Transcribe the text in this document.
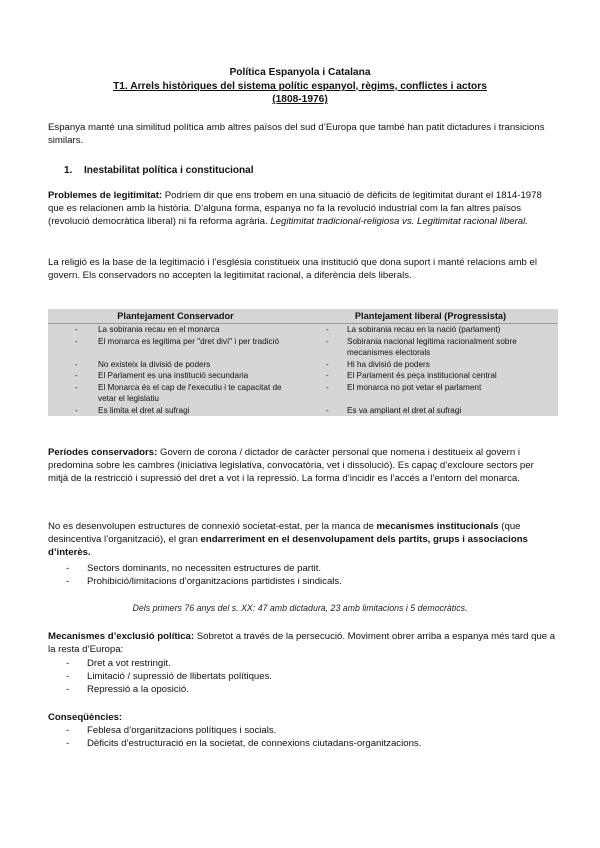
Política Espanyola i Catalana
T1. Arrels històriques del sistema polític espanyol, règims, conflictes i actors
(1808-1976)

Espanya manté una similitud política amb altres països del sud d’Europa que també han patit dictadures i transicions similars.

1. Inestabilitat política i constitucional

Problemes de legitimitat: Podríem dir que ens trobem en una situació de dèficits de legitimitat durant el 1814-1978 que es relacionen amb la història. D’alguna forma, espanya no fa la revolució industrial com la fan altres països (revolució democràtica liberal) ni fa reforma agrària. Legitimitat tradicional-religiosa vs. Legitimitat racional liberal.

La religió es la base de la legitimació i l’església constitueix una institució que dona suport i manté relacions amb el govern. Els conservadors no accepten la legitimitat racional, a diferència dels liberals.

Plantejament Conservador	Plantejament liberal (Progressista)

- La sobirania recau en el monarca	- La sobirania recau en la nació (parlament)

- El monarca es legitima per "dret diví" i per tradició	- Sobirania nacional legitima racionalment sobre mecanismes electorals

- No existeix la divisió de poders	- Hi ha divisió de poders

- El Parlament es una institució secundaria	- El Parlament és peça institucional central

- El Monarca és el cap de l'executiu i te capacitat de vetar el legislatiu	- El monarca no pot vetar el parlament

- Es limita el dret al sufragi	- Es va ampliant el dret al sufragi

Períodes conservadors: Govern de corona / dictador de caràcter personal que nomena i destitueix al govern i predomina sobre les cambres (iniciativa legislativa, convocatòria, vet i dissolució). Es capaç d’excloure sectors per mitjà de la restricció i supressió del dret a vot i la repressió. La forma d’incidir es l’accés a l’entorn del monarca.

No es desenvolupen estructures de connexió societat-estat, per la manca de mecanismes institucionals (que desincentiva l’organització), el gran endarreriment en el desenvolupament dels partits, grups i associacions d’interès.

- Sectors dominants, no necessiten estructures de partit.
- Prohibició/limitacions d’organitzacions partidistes i sindicals.
Dels primers 76 anys del s. XX: 47 amb dictadura, 23 amb limitacions i 5 democràtics.

Mecanismes d’exclusió política: Sobretot a través de la persecució. Moviment obrer arriba a espanya més tard que a la resta d’Europa:

- Dret a vot restringit.
- Limitació / supressió de llibertats polítiques.
- Repressió a la oposició.

Conseqüències:

- Feblesa d’organitzacions polítiques i socials.
- Dèficits d’estructuració en la societat, de connexions ciutadans-organitzacions.
